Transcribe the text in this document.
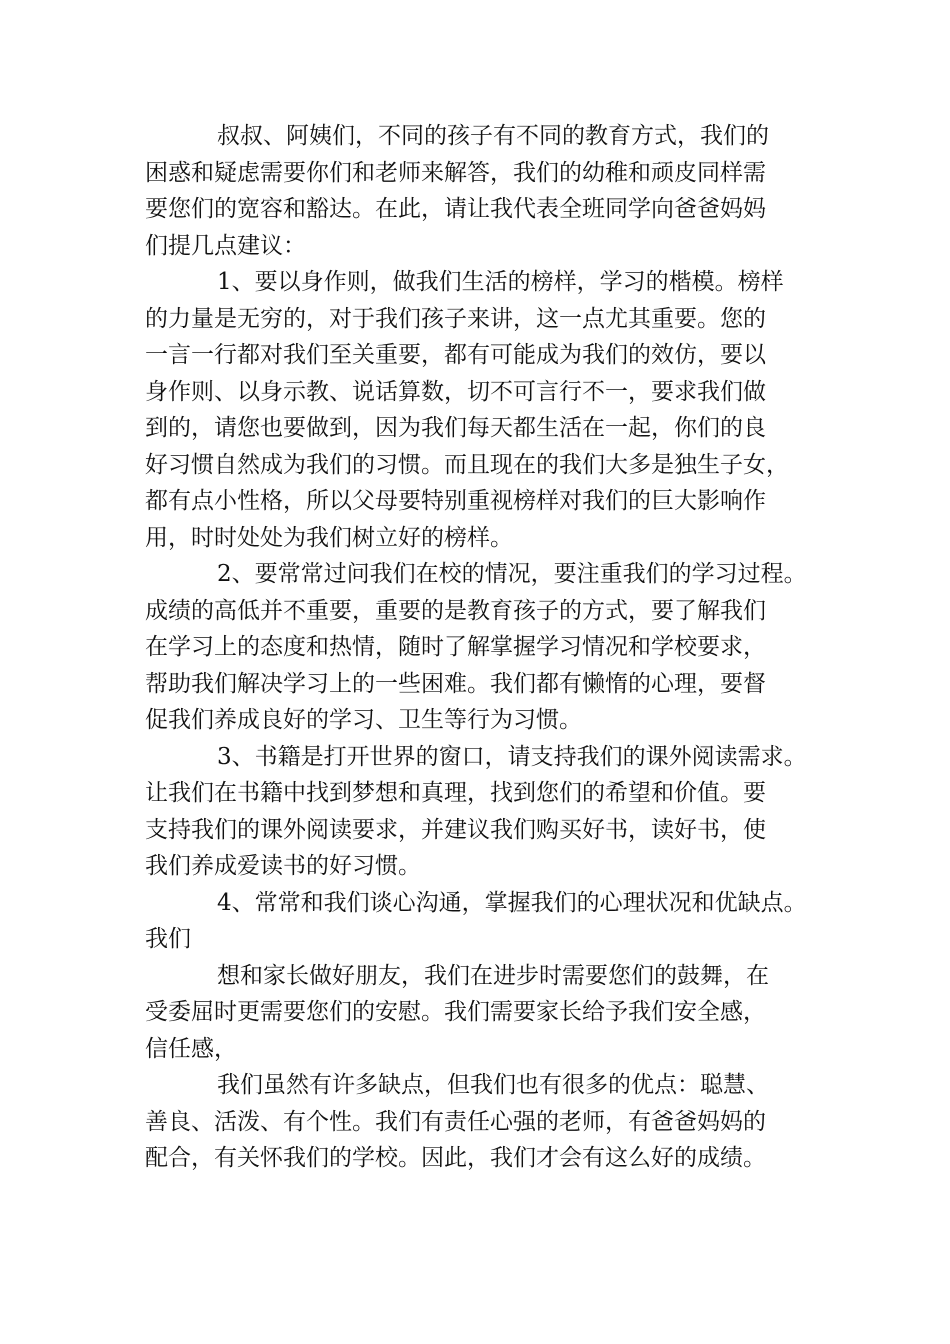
叔叔、阿姨们，不同的孩子有不同的教育方式，我们的
困惑和疑虑需要你们和老师来解答，我们的幼稚和顽皮同样需
要您们的宽容和豁达。在此，请让我代表全班同学向爸爸妈妈
们提几点建议：
1、要以身作则，做我们生活的榜样，学习的楷模。榜样
的力量是无穷的，对于我们孩子来讲，这一点尤其重要。您的
一言一行都对我们至关重要，都有可能成为我们的效仿，要以
身作则、以身示教、说话算数，切不可言行不一，要求我们做
到的，请您也要做到，因为我们每天都生活在一起，你们的良
好习惯自然成为我们的习惯。而且现在的我们大多是独生子女，
都有点小性格，所以父母要特别重视榜样对我们的巨大影响作
用，时时处处为我们树立好的榜样。
2、要常常过问我们在校的情况，要注重我们的学习过程。
成绩的高低并不重要，重要的是教育孩子的方式，要了解我们
在学习上的态度和热情，随时了解掌握学习情况和学校要求，
帮助我们解决学习上的一些困难。我们都有懒惰的心理，要督
促我们养成良好的学习、卫生等行为习惯。
3、书籍是打开世界的窗口，请支持我们的课外阅读需求。
让我们在书籍中找到梦想和真理，找到您们的希望和价值。要
支持我们的课外阅读要求，并建议我们购买好书，读好书，使
我们养成爱读书的好习惯。
4、常常和我们谈心沟通，掌握我们的心理状况和优缺点。
我们
想和家长做好朋友，我们在进步时需要您们的鼓舞，在
受委屈时更需要您们的安慰。我们需要家长给予我们安全感，
信任感，
我们虽然有许多缺点，但我们也有很多的优点：聪慧、
善良、活泼、有个性。我们有责任心强的老师，有爸爸妈妈的
配合，有关怀我们的学校。因此，我们才会有这么好的成绩。
